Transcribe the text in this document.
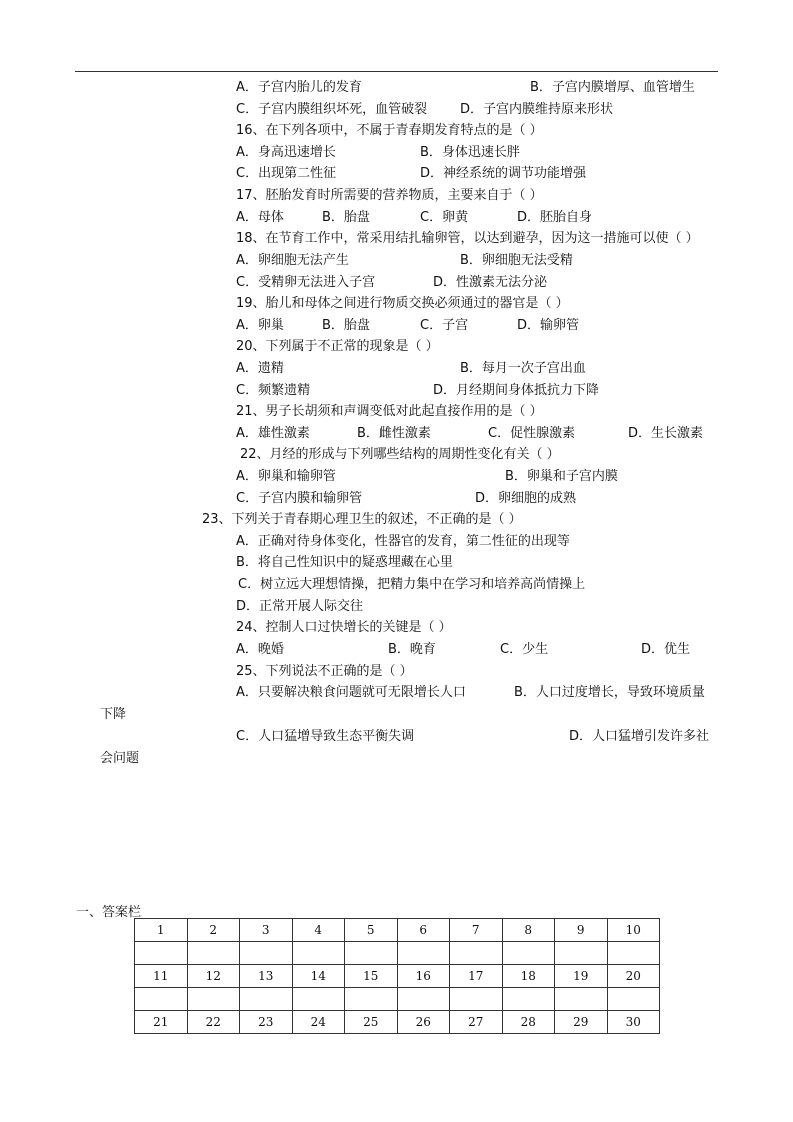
A．子宫内胎儿的发育	B．子宫内膜增厚、血管增生
C．子宫内膜组织坏死，血管破裂	D．子宫内膜维持原来形状
16、在下列各项中，不属于青春期发育特点的是（ ）
A．身高迅速增长	B．身体迅速长胖
C．出现第二性征	D．神经系统的调节功能增强
17、胚胎发育时所需要的营养物质，主要来自于（ ）
A．母体	B．胎盘	C．卵黄	D．胚胎自身
18、在节育工作中，常采用结扎输卵管，以达到避孕，因为这一措施可以使（ ）
A．卵细胞无法产生	B．卵细胞无法受精
C．受精卵无法进入子宫	D．性激素无法分泌
19、胎儿和母体之间进行物质交换必须通过的器官是（ ）
A．卵巢	B．胎盘	C．子宫	D．输卵管
20、下列属于不正常的现象是（ ）
A．遗精	B．每月一次子宫出血
C．频繁遗精	D．月经期间身体抵抗力下降
21、男子长胡须和声调变低对此起直接作用的是（ ）
A．雄性激素	B．雌性激素	C．促性腺激素	D．生长激素
22、月经的形成与下列哪些结构的周期性变化有关（ ）
A．卵巢和输卵管	B．卵巢和子宫内膜
C．子宫内膜和输卵管	D．卵细胞的成熟
23、下列关于青春期心理卫生的叙述，不正确的是（ ）
A．正确对待身体变化，性器官的发育，第二性征的出现等
B．将自己性知识中的疑惑埋藏在心里
C．树立远大理想情操，把精力集中在学习和培养高尚情操上
D．正常开展人际交往
24、控制人口过快增长的关键是（ ）
A．晚婚	B．晚育	C．少生	D．优生
25、下列说法不正确的是（ ）
A．只要解决粮食问题就可无限增长人口	B．人口过度增长，导致环境质量
下降
C．人口猛增导致生态平衡失调	D．人口猛增引发许多社
会问题
一、答案栏
1	2	3	4	5	6	7	8	9	10

11	12	13	14	15	16	17	18	19	20

21	22	23	24	25	26	27	28	29	30
